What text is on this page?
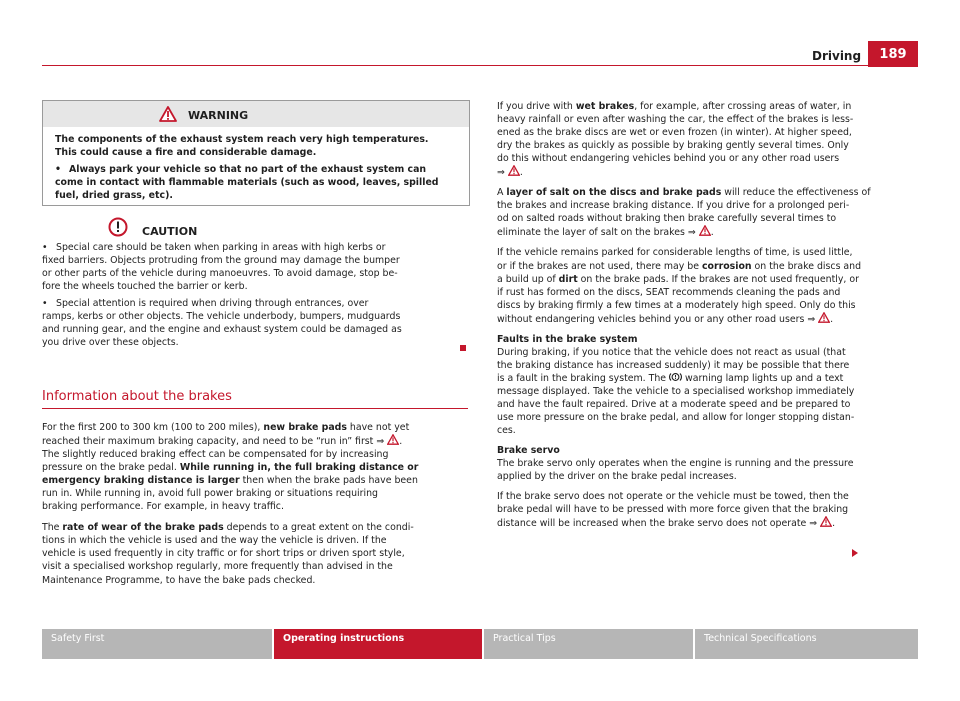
Driving	189
WARNING

The components of the exhaust system reach very high temperatures.
This could cause a fire and considerable damage.

• Always park your vehicle so that no part of the exhaust system can
come in contact with flammable materials (such as wood, leaves, spilled
fuel, dried grass, etc).

CAUTION

• Special care should be taken when parking in areas with high kerbs or
fixed barriers. Objects protruding from the ground may damage the bumper
or other parts of the vehicle during manoeuvres. To avoid damage, stop be-
fore the wheels touched the barrier or kerb.

• Special attention is required when driving through entrances, over
ramps, kerbs or other objects. The vehicle underbody, bumpers, mudguards
and running gear, and the engine and exhaust system could be damaged as
you drive over these objects.

Information about the brakes

For the first 200 to 300 km (100 to 200 miles), new brake pads have not yet
reached their maximum braking capacity, and need to be “run in” first ⇒ .
The slightly reduced braking effect can be compensated for by increasing
pressure on the brake pedal. While running in, the full braking distance or
emergency braking distance is larger then when the brake pads have been
run in. While running in, avoid full power braking or situations requiring
braking performance. For example, in heavy traffic.

The rate of wear of the brake pads depends to a great extent on the condi-
tions in which the vehicle is used and the way the vehicle is driven. If the
vehicle is used frequently in city traffic or for short trips or driven sport style,
visit a specialised workshop regularly, more frequently than advised in the
Maintenance Programme, to have the bake pads checked.

If you drive with wet brakes, for example, after crossing areas of water, in
heavy rainfall or even after washing the car, the effect of the brakes is less-
ened as the brake discs are wet or even frozen (in winter). At higher speed,
dry the brakes as quickly as possible by braking gently several times. Only
do this without endangering vehicles behind you or any other road users
⇒ .

A layer of salt on the discs and brake pads will reduce the effectiveness of
the brakes and increase braking distance. If you drive for a prolonged peri-
od on salted roads without braking then brake carefully several times to
eliminate the layer of salt on the brakes ⇒ .

If the vehicle remains parked for considerable lengths of time, is used little,
or if the brakes are not used, there may be corrosion on the brake discs and
a build up of dirt on the brake pads. If the brakes are not used frequently, or
if rust has formed on the discs, SEAT recommends cleaning the pads and
discs by braking firmly a few times at a moderately high speed. Only do this
without endangering vehicles behind you or any other road users ⇒ .

Faults in the brake system
During braking, if you notice that the vehicle does not react as usual (that
the braking distance has increased suddenly) it may be possible that there
is a fault in the braking system. The  warning lamp lights up and a text
message displayed. Take the vehicle to a specialised workshop immediately
and have the fault repaired. Drive at a moderate speed and be prepared to
use more pressure on the brake pedal, and allow for longer stopping distan-
ces.

Brake servo
The brake servo only operates when the engine is running and the pressure
applied by the driver on the brake pedal increases.

If the brake servo does not operate or the vehicle must be towed, then the
brake pedal will have to be pressed with more force given that the braking
distance will be increased when the brake servo does not operate ⇒ .

Safety First	Operating instructions	Practical Tips	Technical Specifications
